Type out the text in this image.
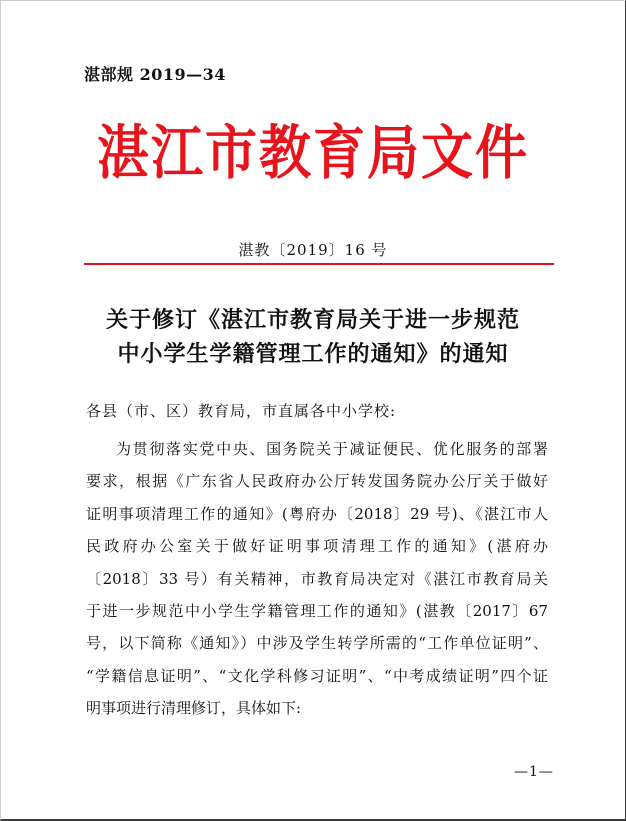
湛部规 2019—34
湛江市教育局文件
湛教〔2019〕16 号
关于修订《湛江市教育局关于进一步规范
中小学生学籍管理工作的通知》的通知
各县（市、区）教育局，市直属各中小学校:
为贯彻落实党中央、国务院关于减证便民、优化服务的部署
要求，根据《广东省人民政府办公厅转发国务院办公厅关于做好
证明事项清理工作的通知》(粤府办〔2018〕29 号)、《湛江市人
民政府办公室关于做好证明事项清理工作的通知》(湛府办
〔2018〕33 号）有关精神，市教育局决定对《湛江市教育局关
于进一步规范中小学生学籍管理工作的通知》(湛教〔2017〕67
号，以下简称《通知》）中涉及学生转学所需的“工作单位证明”、
“学籍信息证明”、“文化学科修习证明”、“中考成绩证明”四个证
明事项进行清理修订，具体如下:
—1—
